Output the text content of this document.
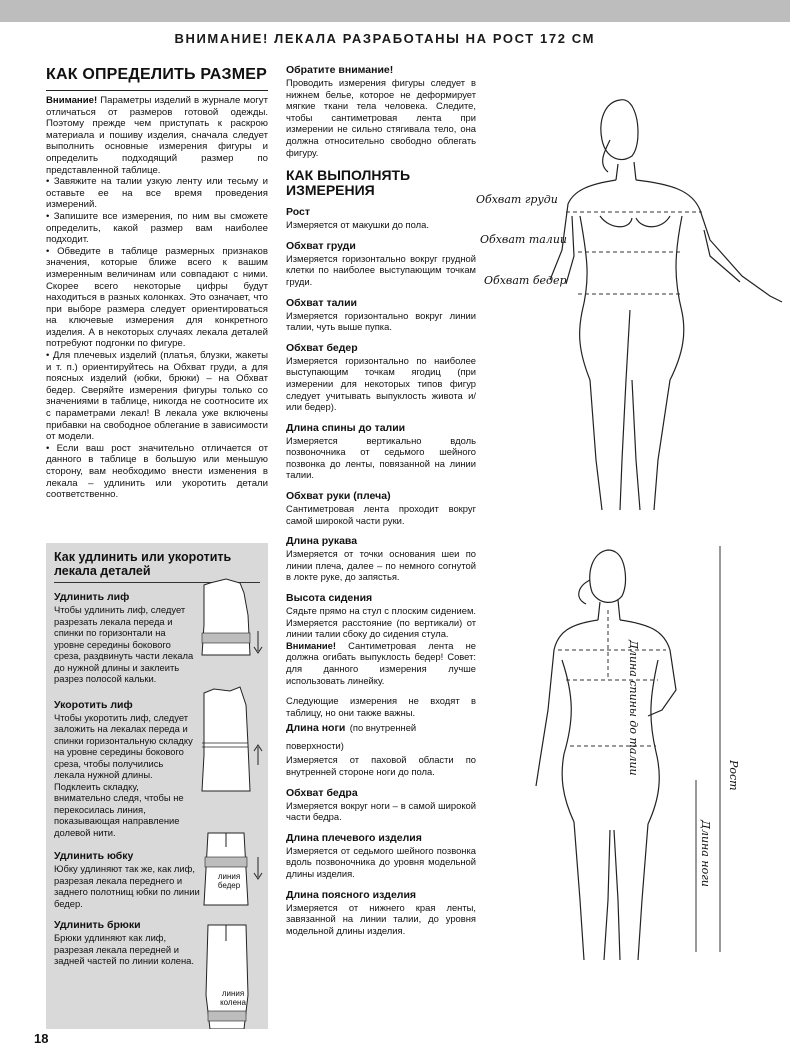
ВНИМАНИЕ! ЛЕКАЛА РАЗРАБОТАНЫ НА РОСТ 172 СМ
КАК ОПРЕДЕЛИТЬ РАЗМЕР

Внимание! Параметры изделий в журнале могут отличаться от размеров готовой одежды. Поэтому прежде чем приступать к раскрою материала и пошиву изделия, сначала следует выполнить основные измерения фигуры и определить подходящий размер по представленной таблице.

• Завяжите на талии узкую ленту или тесьму и оставьте ее на все время проведения измерений.

• Запишите все измерения, по ним вы сможете определить, какой размер вам наиболее подходит.

• Обведите в таблице размерных признаков значения, которые ближе всего к вашим измеренным величинам или совпадают с ними. Скорее всего некоторые цифры будут находиться в разных колонках. Это означает, что при выборе размера следует ориентироваться на ключевые измерения для конкретного изделия. А в некоторых случаях лекала деталей потребуют подгонки по фигуре.

• Для плечевых изделий (платья, блузки, жакеты и т. п.) ориентируйтесь на Обхват груди, а для поясных изделий (юбки, брюки) – на Обхват бедер. Сверяйте измерения фигуры только со значениями в таблице, никогда не соотносите их с параметрами лекал! В лекала уже включены прибавки на свободное облегание в зависимости от модели.

• Если ваш рост значительно отличается от данного в таблице в большую или меньшую сторону, вам необходимо внести изменения в лекала – удлинить или укоротить детали соответственно.

Как удлинить или укоротить лекала деталей
Удлинить лиф
Чтобы удлинить лиф, следует разрезать лекала переда и спинки по горизонтали на уровне середины бокового среза, раздвинуть части лекала до нужной длины и заклеить разрез полосой кальки.
Укоротить лиф
Чтобы укоротить лиф, следует заложить на лекалах переда и спинки горизонтальную складку на уровне середины бокового среза, чтобы получились лекала нужной длины. Подклеить складку, внимательно следя, чтобы не перекосилась линия, показывающая направление долевой нити.
Удлинить юбку
Юбку удлиняют так же, как лиф, разрезая лекала переднего и заднего полотнищ юбки по линии бедер.
Удлинить брюки
Брюки удлиняют как лиф, разрезая лекала передней и задней частей по линии колена.
линия бедер
линия колена
Обратите внимание!
Проводить измерения фигуры следует в нижнем белье, которое не деформирует мягкие ткани тела человека. Следите, чтобы сантиметровая лента при измерении не сильно стягивала тело, она должна относительно свободно облегать фигуру.
КАК ВЫПОЛНЯТЬ ИЗМЕРЕНИЯ
Рост
Измеряется от макушки до пола.
Обхват груди
Измеряется горизонтально вокруг грудной клетки по наиболее выступающим точкам груди.
Обхват талии
Измеряется горизонтально вокруг линии талии, чуть выше пупка.
Обхват бедер
Измеряется горизонтально по наиболее выступающим точкам ягодиц (при измерении для некоторых типов фигур следует учитывать выпуклость живота и/или бедер).
Длина спины до талии
Измеряется вертикально вдоль позвоночника от седьмого шейного позвонка до ленты, повязанной на линии талии.
Обхват руки (плеча)
Сантиметровая лента проходит вокруг самой широкой части руки.
Длина рукава
Измеряется от точки основания шеи по линии плеча, далее – по немного согнутой в локте руке, до запястья.
Высота сидения
Сядьте прямо на стул с плоским сидением. Измеряется расстояние (по вертикали) от линии талии сбоку до сидения стула.
Внимание! Сантиметровая лента не должна огибать выпуклость бедер! Совет: для данного измерения лучше использовать линейку.
Следующие измерения не входят в таблицу, но они также важны.
Длина ноги (по внутренней поверхности)
Измеряется от паховой области по внутренней стороне ноги до пола.
Обхват бедра
Измеряется вокруг ноги – в самой широкой части бедра.
Длина плечевого изделия
Измеряется от седьмого шейного позвонка вдоль позвоночника до уровня модельной длины изделия.
Длина поясного изделия
Измеряется от нижнего края ленты, завязанной на линии талии, до уровня модельной длины изделия.
Обхват груди
Обхват талии
Обхват бедер
Длина спины до талии	Рост
Длина ноги
18
